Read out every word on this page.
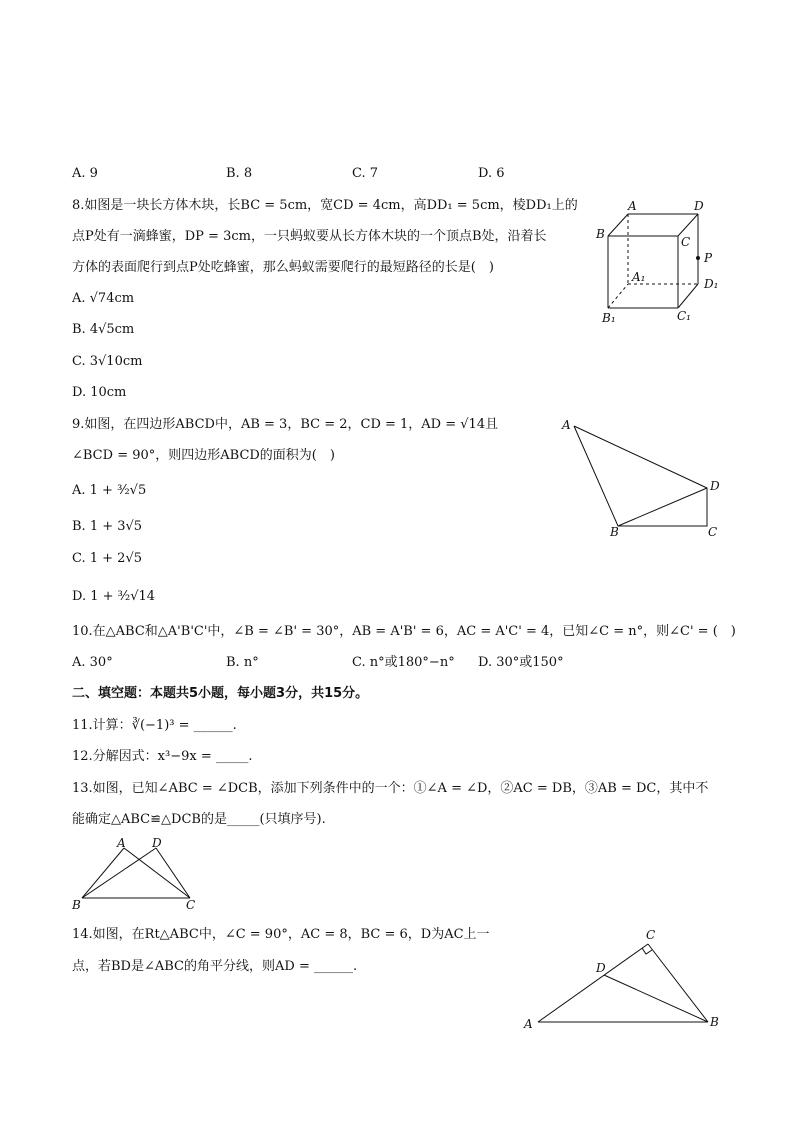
A. 9	B. 8	C. 7	D. 6
8.如图是一块长方体木块，长BC = 5cm，宽CD = 4cm，高DD₁ = 5cm，棱DD₁上的
点P处有一滴蜂蜜，DP = 3cm，一只蚂蚁要从长方体木块的一个顶点B处，沿着长
方体的表面爬行到点P处吃蜂蜜，那么蚂蚁需要爬行的最短路径的长是(　)
A. √74cm
B. 4√5cm
C. 3√10cm
D. 10cm
A	D
B
C
P
A₁	D₁
B₁	C₁
9.如图，在四边形ABCD中，AB = 3，BC = 2，CD = 1，AD = √14且
∠BCD = 90°，则四边形ABCD的面积为(　)
A. 1 + ³⁄₂√5
B. 1 + 3√5
C. 1 + 2√5
D. 1 + ³⁄₂√14
A
D
B	C
10.在△ABC和△A'B'C'中，∠B = ∠B' = 30°，AB = A'B' = 6，AC = A'C' = 4，已知∠C = n°，则∠C' = (　)
A. 30°	B. n°	C. n°或180°−n° D. 30°或150°
二、填空题：本题共5小题，每小题3分，共15分。
11.计算：∛(−1)³ = ______.
12.分解因式：x³−9x = _____.
13.如图，已知∠ABC = ∠DCB，添加下列条件中的一个：①∠A = ∠D，②AC = DB，③AB = DC，其中不
能确定△ABC≌△DCB的是_____(只填序号).
A D
B	C
14.如图，在Rt△ABC中，∠C = 90°，AC = 8，BC = 6，D为AC上一
点，若BD是∠ABC的角平分线，则AD = ______.
C
D
A	B
